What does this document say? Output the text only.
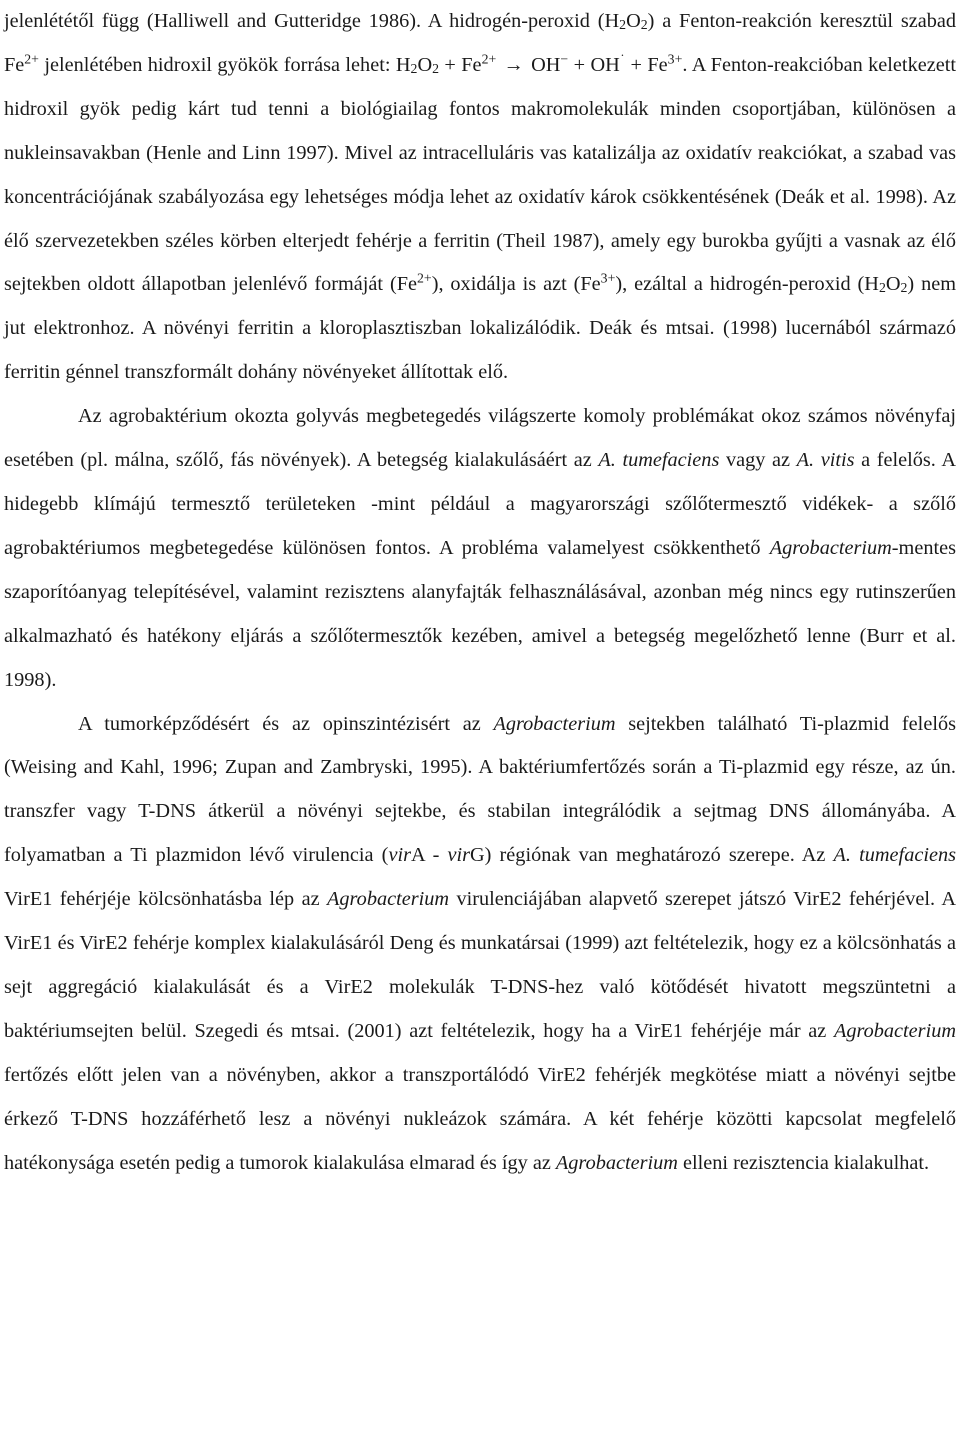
jelenlététől függ (Halliwell and Gutteridge 1986). A hidrogén-peroxid $(H_2O_2)$ a Fenton-reakción keresztül szabad $Fe^{2+}$ jelenlétében hidroxil gyökök forrása lehet: $H_2O_2 + Fe^{2+} \to OH^- + OH^˙ + Fe^{3+}$. A Fenton-reakcióban keletkezett hidroxil gyök pedig kárt tud tenni a biológiailag fontos makromolekulák minden csoportjában, különösen a nukleinsavakban (Henle and Linn 1997). Mivel az intracelluláris vas katalizálja az oxidatív reakciókat, a szabad vas koncentrációjának szabályozása egy lehetséges módja lehet az oxidatív károk csökkentésének (Deák et al. 1998). Az élő szervezetekben széles körben elterjedt fehérje a ferritin (Theil 1987), amely egy burokba gyűjti a vasnak az élő sejtekben oldott állapotban jelenlévő formáját $(Fe^{2+})$, oxidálja is azt $(Fe^{3+})$, ezáltal a hidrogén-peroxid $(H_2O_2)$ nem jut elektronhoz. A növényi ferritin a kloroplasztiszban lokalizálódik. Deák és mtsai. (1998) lucernából származó ferritin génnel transzformált dohány növényeket állítottak elő.

Az agrobaktérium okozta golyvás megbetegedés világszerte komoly problémákat okoz számos növényfaj esetében (pl. málna, szőlő, fás növények). A betegség kialakulásáért az A. tumefaciens vagy az A. vitis a felelős. A hidegebb klímájú termesztő területeken -mint például a magyarországi szőlőtermesztő vidékek- a szőlő agrobaktériumos megbetegedése különösen fontos. A probléma valamelyest csökkenthető Agrobacterium-mentes szaporítóanyag telepítésével, valamint rezisztens alanyfajták felhasználásával, azonban még nincs egy rutinszerűen alkalmazható és hatékony eljárás a szőlőtermesztők kezében, amivel a betegség megelőzhető lenne (Burr et al. 1998).

A tumorképződésért és az opinszintézisért az Agrobacterium sejtekben található Ti-plazmid felelős (Weising and Kahl, 1996; Zupan and Zambryski, 1995). A baktériumfertőzés során a Ti-plazmid egy része, az ún. transzfer vagy T-DNS átkerül a növényi sejtekbe, és stabilan integrálódik a sejtmag DNS állományába. A folyamatban a Ti plazmidon lévő virulencia (virA - virG) régiónak van meghatározó szerepe. Az A. tumefaciens VirE1 fehérjéje kölcsönhatásba lép az Agrobacterium virulenciájában alapvető szerepet játszó VirE2 fehérjével. A VirE1 és VirE2 fehérje komplex kialakulásáról Deng és munkatársai (1999) azt feltételezik, hogy ez a kölcsönhatás a sejt aggregáció kialakulását és a VirE2 molekulák T-DNS-hez való kötődését hivatott megszüntetni a baktériumsejten belül. Szegedi és mtsai. (2001) azt feltételezik, hogy ha a VirE1 fehérjéje már az Agrobacterium fertőzés előtt jelen van a növényben, akkor a transzportálódó VirE2 fehérjék megkötése miatt a növényi sejtbe érkező T-DNS hozzáférhető lesz a növényi nukleázok számára. A két fehérje közötti kapcsolat megfelelő hatékonysága esetén pedig a tumorok kialakulása elmarad és így az Agrobacterium elleni rezisztencia kialakulhat.
